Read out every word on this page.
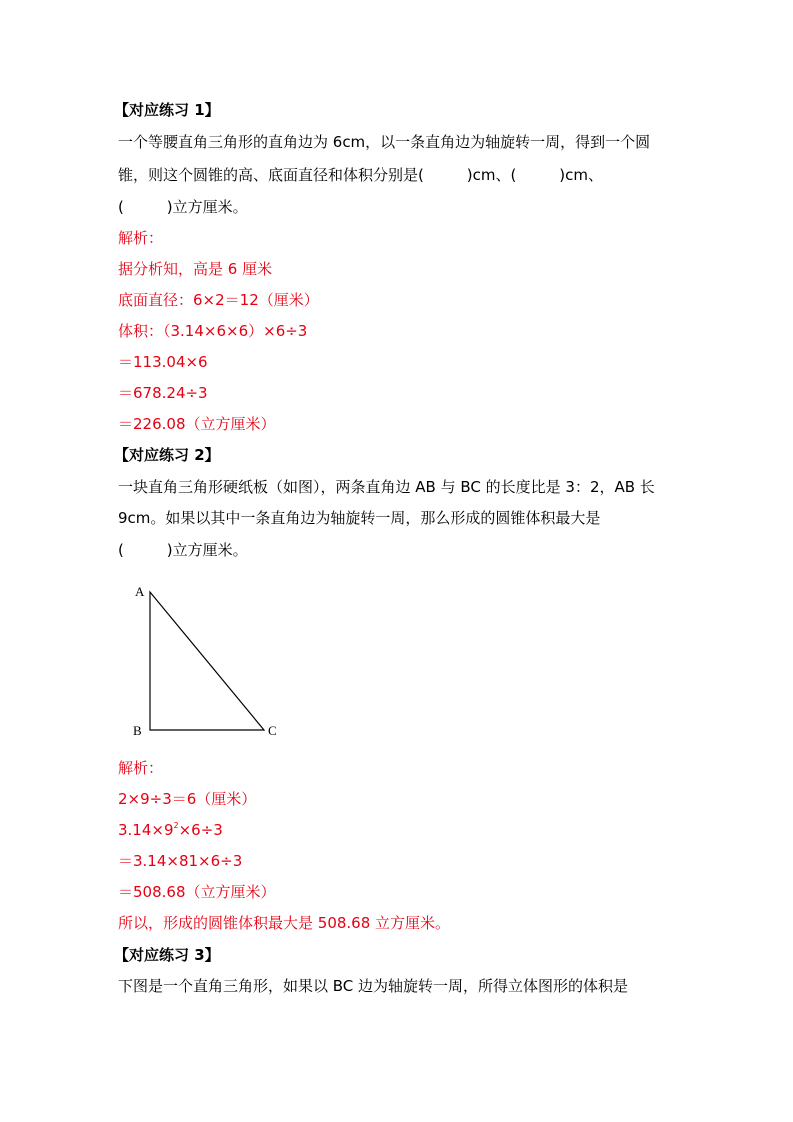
【对应练习 1】
一个等腰直角三角形的直角边为 6cm，以一条直角边为轴旋转一周，得到一个圆
锥，则这个圆锥的高、底面直径和体积分别是(         )cm、(         )cm、
(         )立方厘米。
解析：
据分析知，高是 6 厘米
底面直径：6×2＝12（厘米）
体积：（3.14×6×6）×6÷3
＝113.04×6
＝678.24÷3
＝226.08（立方厘米）
【对应练习 2】
一块直角三角形硬纸板（如图），两条直角边 AB 与 BC 的长度比是 3：2，AB 长
9cm。如果以其中一条直角边为轴旋转一周，那么形成的圆锥体积最大是
(         )立方厘米。
A
B	C
解析：
2×9÷3＝6（厘米）
$3.14\times 9^2\times 6\div 3$
＝3.14×81×6÷3
＝508.68（立方厘米）
所以，形成的圆锥体积最大是 508.68 立方厘米。
【对应练习 3】
下图是一个直角三角形，如果以 BC 边为轴旋转一周，所得立体图形的体积是
